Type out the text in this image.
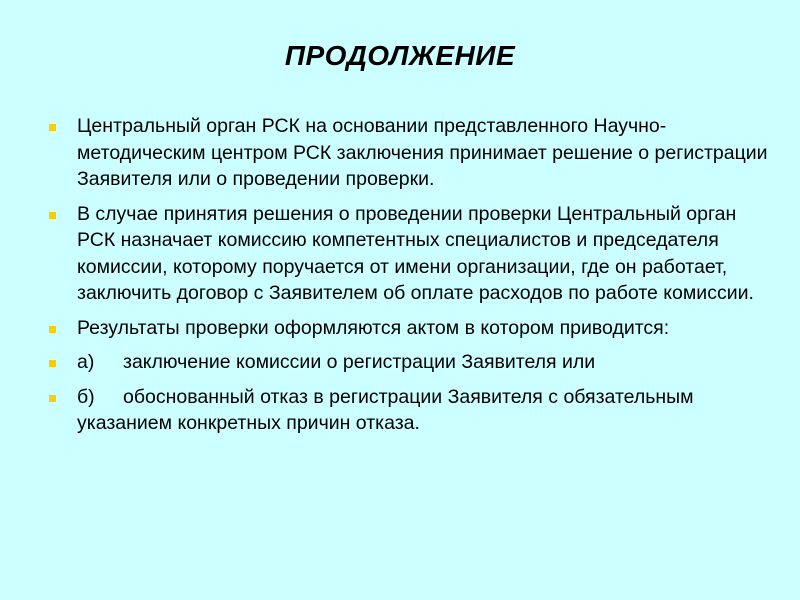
ПРОДОЛЖЕНИЕ
Центральный орган РСК на основании представленного Научно-методическим центром РСК заключения принимает решение о регистрации Заявителя или о проведении проверки.
В случае принятия решения о проведении проверки Центральный орган РСК назначает комиссию компетентных специалистов и председателя комиссии, которому поручается от имени организации, где он работает, заключить договор с Заявителем об оплате расходов по работе комиссии.
Результаты проверки оформляются актом в котором приводится:
а) заключение комиссии о регистрации Заявителя или
б) обоснованный отказ в регистрации Заявителя с обязательным указанием конкретных причин отказа.
